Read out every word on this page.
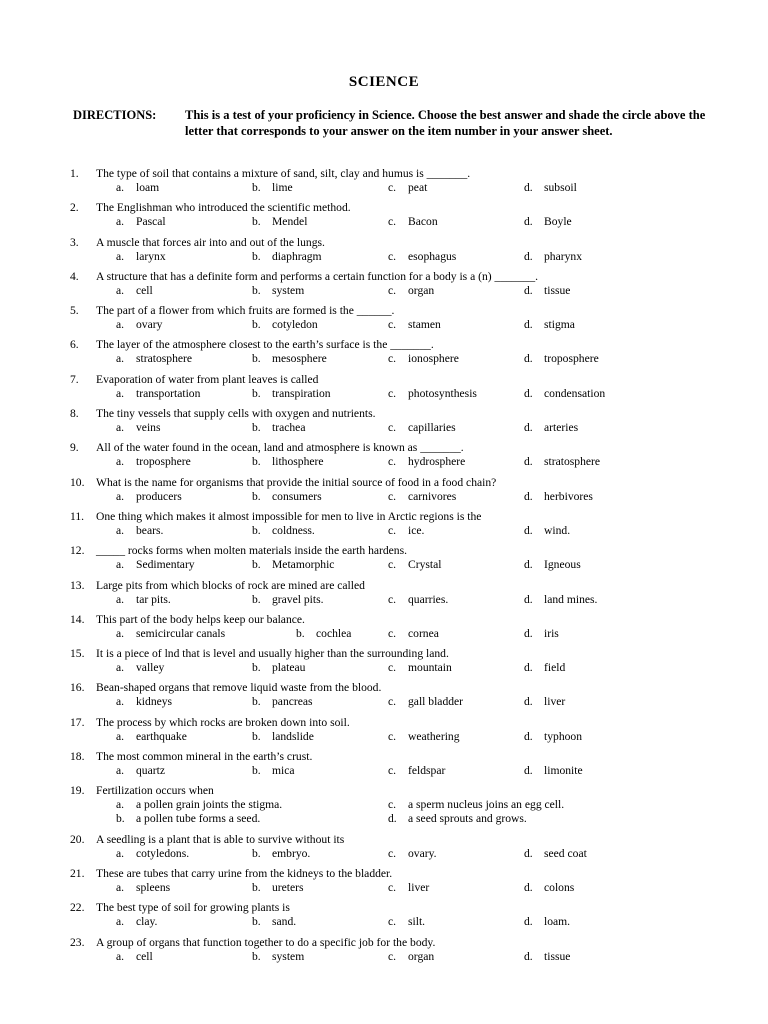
SCIENCE
DIRECTIONS:	This is a test of your proficiency in Science. Choose the best answer and shade the circle above the letter that corresponds to your answer on the item number in your answer sheet.
1. The type of soil that contains a mixture of sand, silt, clay and humus is _______.
a. loam	b. lime	c. peat	d. subsoil
2. The Englishman who introduced the scientific method.
a. Pascal	b. Mendel	c. Bacon	d. Boyle
3. A muscle that forces air into and out of the lungs.
a. larynx	b. diaphragm	c. esophagus	d. pharynx
4. A structure that has a definite form and performs a certain function for a body is a (n) _______.
a. cell	b. system	c. organ	d. tissue
5. The part of a flower from which fruits are formed is the ______.
a. ovary	b. cotyledon	c. stamen	d. stigma
6. The layer of the atmosphere closest to the earth’s surface is the _______.
a. stratosphere	b. mesosphere	c. ionosphere	d. troposphere
7. Evaporation of water from plant leaves is called
a. transportation	b. transpiration	c. photosynthesis	d. condensation
8. The tiny vessels that supply cells with oxygen and nutrients.
a. veins	b. trachea	c. capillaries	d. arteries
9. All of the water found in the ocean, land and atmosphere is known as _______.
a. troposphere	b. lithosphere	c. hydrosphere	d. stratosphere
10. What is the name for organisms that provide the initial source of food in a food chain?
a. producers	b. consumers	c. carnivores	d. herbivores
11. One thing which makes it almost impossible for men to live in Arctic regions is the
a. bears.	b. coldness.	c. ice.	d. wind.
12. _____ rocks forms when molten materials inside the earth hardens.
a. Sedimentary	b. Metamorphic	c. Crystal	d. Igneous
13. Large pits from which blocks of rock are mined are called
a. tar pits.	b. gravel pits.	c. quarries.	d. land mines.
14. This part of the body helps keep our balance.
a. semicircular canals	b. cochlea	c. cornea	d. iris
15. It is a piece of lnd that is level and usually higher than the surrounding land.
a. valley	b. plateau	c. mountain	d. field
16. Bean-shaped organs that remove liquid waste from the blood.
a. kidneys	b. pancreas	c. gall bladder	d. liver
17. The process by which rocks are broken down into soil.
a. earthquake	b. landslide	c. weathering	d. typhoon
18. The most common mineral in the earth’s crust.
a. quartz	b. mica	c. feldspar	d. limonite
19. Fertilization occurs when
a. a pollen grain joints the stigma.	c. a sperm nucleus joins an egg cell.
b. a pollen tube forms a seed.	d. a seed sprouts and grows.
20. A seedling is a plant that is able to survive without its
a. cotyledons.	b. embryo.	c. ovary.	d. seed coat
21. These are tubes that carry urine from the kidneys to the bladder.
a. spleens	b. ureters	c. liver	d. colons
22. The best type of soil for growing plants is
a. clay.	b. sand.	c. silt.	d. loam.
23. A group of organs that function together to do a specific job for the body.
a. cell	b. system	c. organ	d. tissue
